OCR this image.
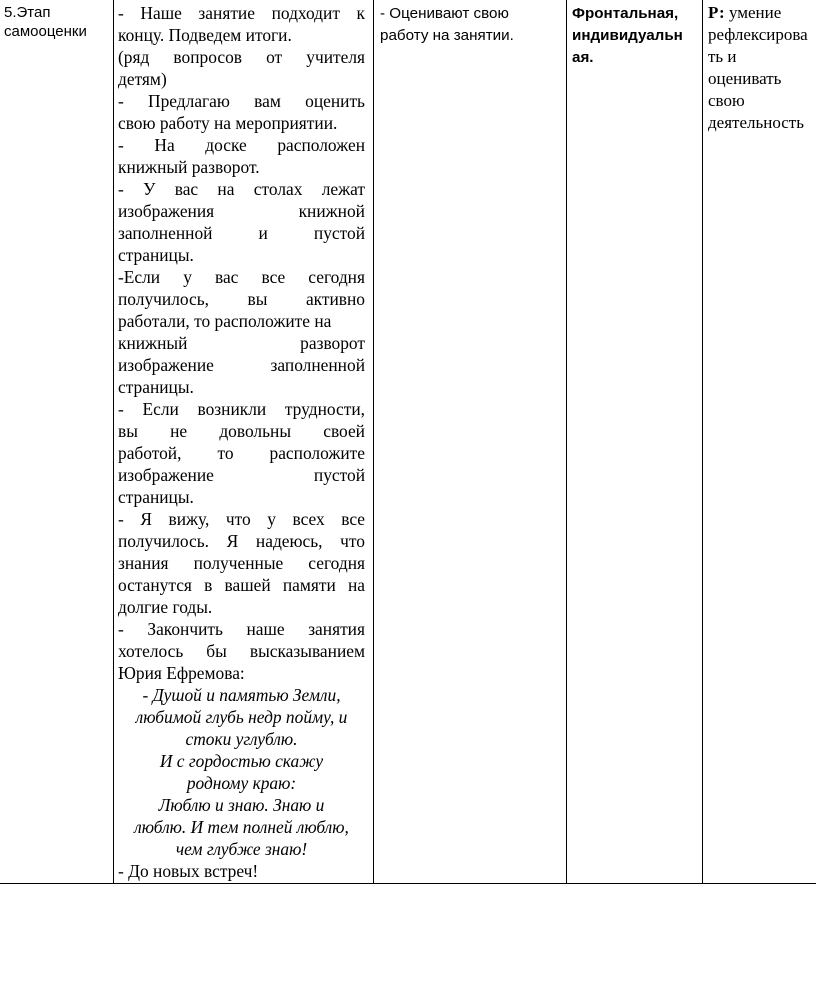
5.Этап
самооценки

- Наше занятие подходит к

концу. Подведем итоги.

(ряд вопросов от учителя

детям)

- Предлагаю вам оценить

свою работу на мероприятии.

- На доске расположен

книжный разворот.

- У вас на столах лежат

изображения книжной

заполненной и пустой

страницы.

-Если у вас все сегодня

получилось, вы активно

работали, то расположите на

книжный разворот

изображение заполненной

страницы.

- Если возникли трудности,

вы не довольны своей

работой, то расположите

изображение пустой

страницы.

- Я вижу, что у всех все

получилось. Я надеюсь, что

знания полученные сегодня

останутся в вашей памяти на

долгие годы.

- Закончить наше занятия

хотелось бы высказыванием

Юрия Ефремова:

- Душой и памятью Земли,

любимой глубь недр пойму, и

стоки углублю.

И с гордостью скажу

родному краю:

Люблю и знаю. Знаю и

люблю. И тем полней люблю,

чем глубже знаю!

- До новых встреч!

- Оценивают свою
работу на занятии.
Фронтальная,
индивидуальн
ая.
Р: умение
рефлексирова
ть и
оценивать
свою
деятельность
